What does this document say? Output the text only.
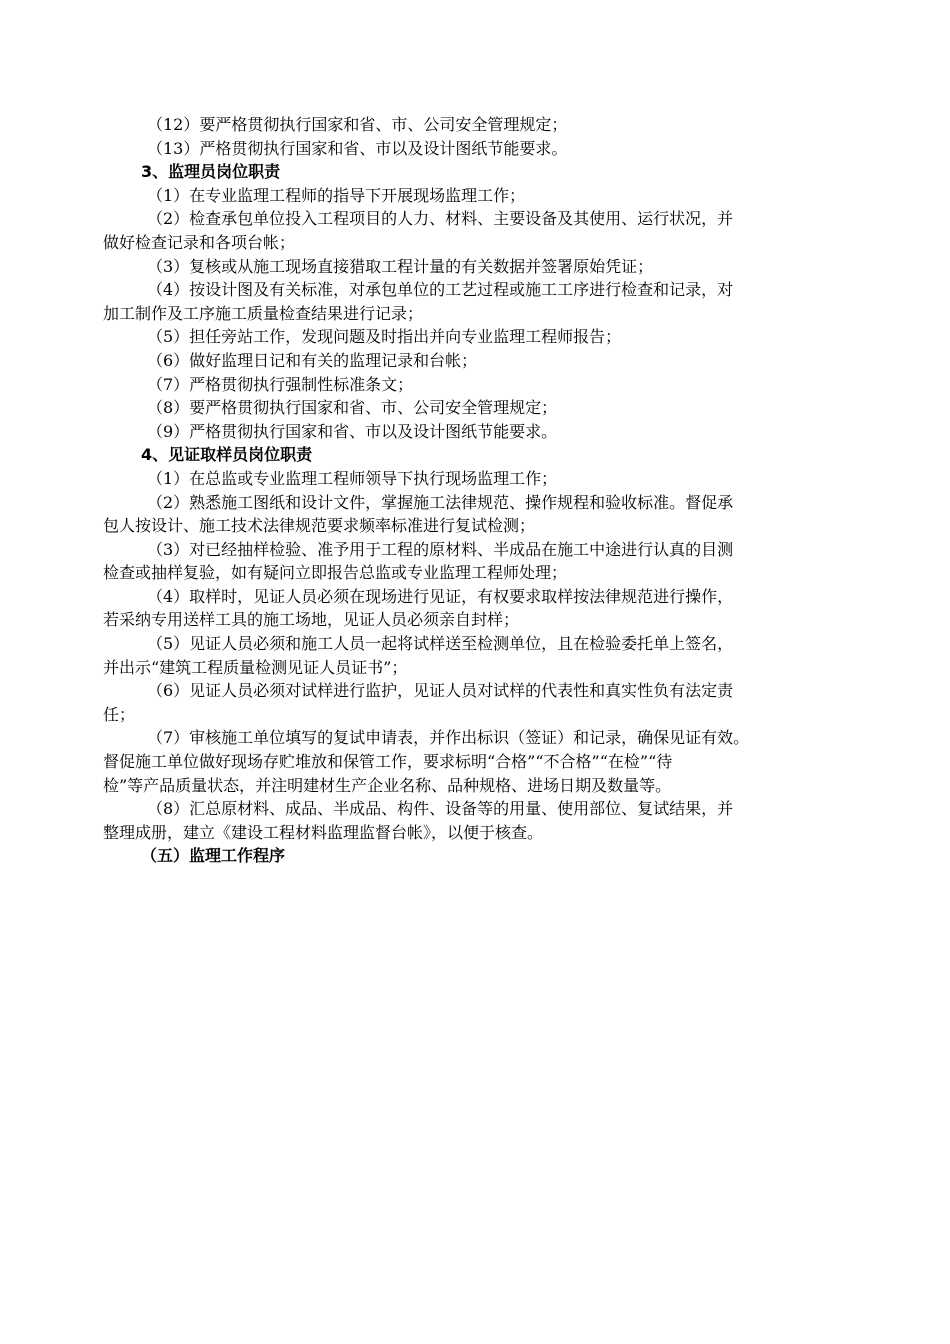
（12）要严格贯彻执行国家和省、市、公司安全管理规定；

（13）严格贯彻执行国家和省、市以及设计图纸节能要求。

3、监理员岗位职责

（1）在专业监理工程师的指导下开展现场监理工作；

（2）检查承包单位投入工程项目的人力、材料、主要设备及其使用、运行状况，并

做好检查记录和各项台帐；

（3）复核或从施工现场直接猎取工程计量的有关数据并签署原始凭证；

（4）按设计图及有关标准，对承包单位的工艺过程或施工工序进行检查和记录，对

加工制作及工序施工质量检查结果进行记录；

（5）担任旁站工作，发现问题及时指出并向专业监理工程师报告；

（6）做好监理日记和有关的监理记录和台帐；

（7）严格贯彻执行强制性标准条文；

（8）要严格贯彻执行国家和省、市、公司安全管理规定；

（9）严格贯彻执行国家和省、市以及设计图纸节能要求。

4、见证取样员岗位职责

（1）在总监或专业监理工程师领导下执行现场监理工作；

（2）熟悉施工图纸和设计文件，掌握施工法律规范、操作规程和验收标准。督促承

包人按设计、施工技术法律规范要求频率标准进行复试检测；

（3）对已经抽样检验、准予用于工程的原材料、半成品在施工中途进行认真的目测

检查或抽样复验，如有疑问立即报告总监或专业监理工程师处理；

（4）取样时，见证人员必须在现场进行见证，有权要求取样按法律规范进行操作，

若采纳专用送样工具的施工场地，见证人员必须亲自封样；

（5）见证人员必须和施工人员一起将试样送至检测单位，且在检验委托单上签名，

并出示“建筑工程质量检测见证人员证书”；

（6）见证人员必须对试样进行监护，见证人员对试样的代表性和真实性负有法定责

任；

（7）审核施工单位填写的复试申请表，并作出标识（签证）和记录，确保见证有效。

督促施工单位做好现场存贮堆放和保管工作，要求标明“合格”“不合格”“在检”“待

检”等产品质量状态，并注明建材生产企业名称、品种规格、进场日期及数量等。

（8）汇总原材料、成品、半成品、构件、设备等的用量、使用部位、复试结果，并

整理成册，建立《建设工程材料监理监督台帐》，以便于核查。

（五）监理工作程序
